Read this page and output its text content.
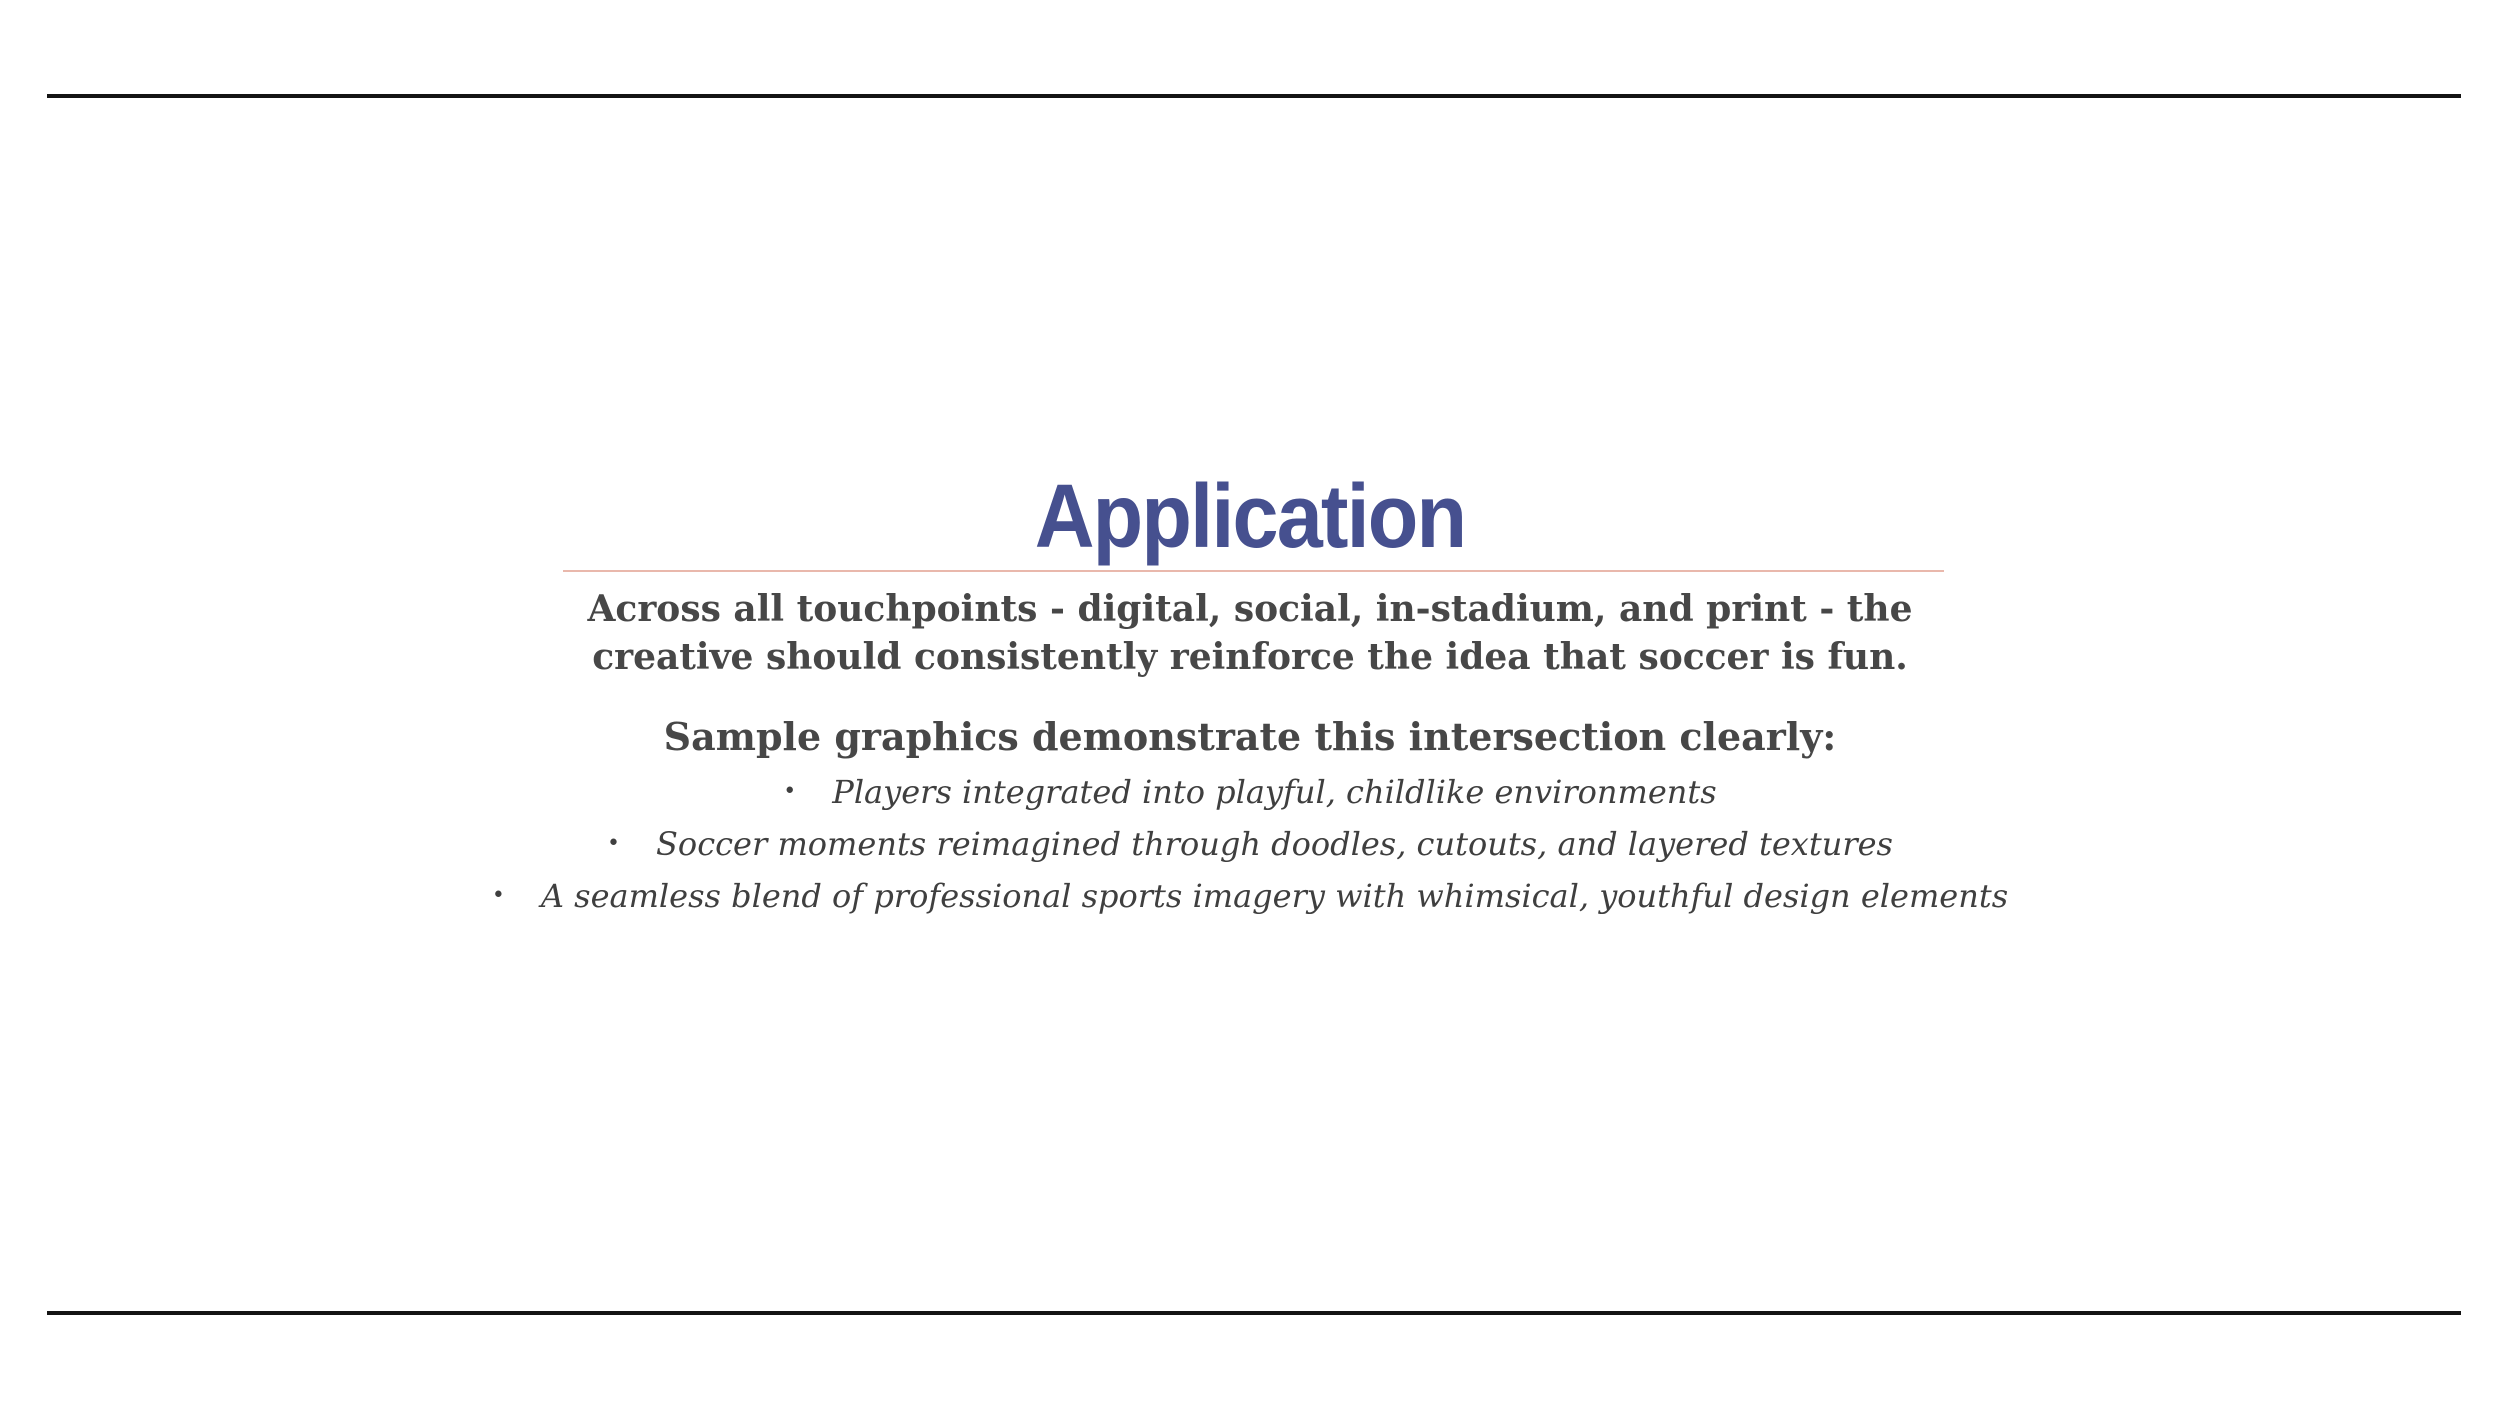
Application
Across all touchpoints - digital, social, in-stadium, and print - the
creative should consistently reinforce the idea that soccer is fun.
Sample graphics demonstrate this intersection clearly:
• Players integrated into playful, childlike environments
• Soccer moments reimagined through doodles, cutouts, and layered textures
• A seamless blend of professional sports imagery with whimsical, youthful design elements
